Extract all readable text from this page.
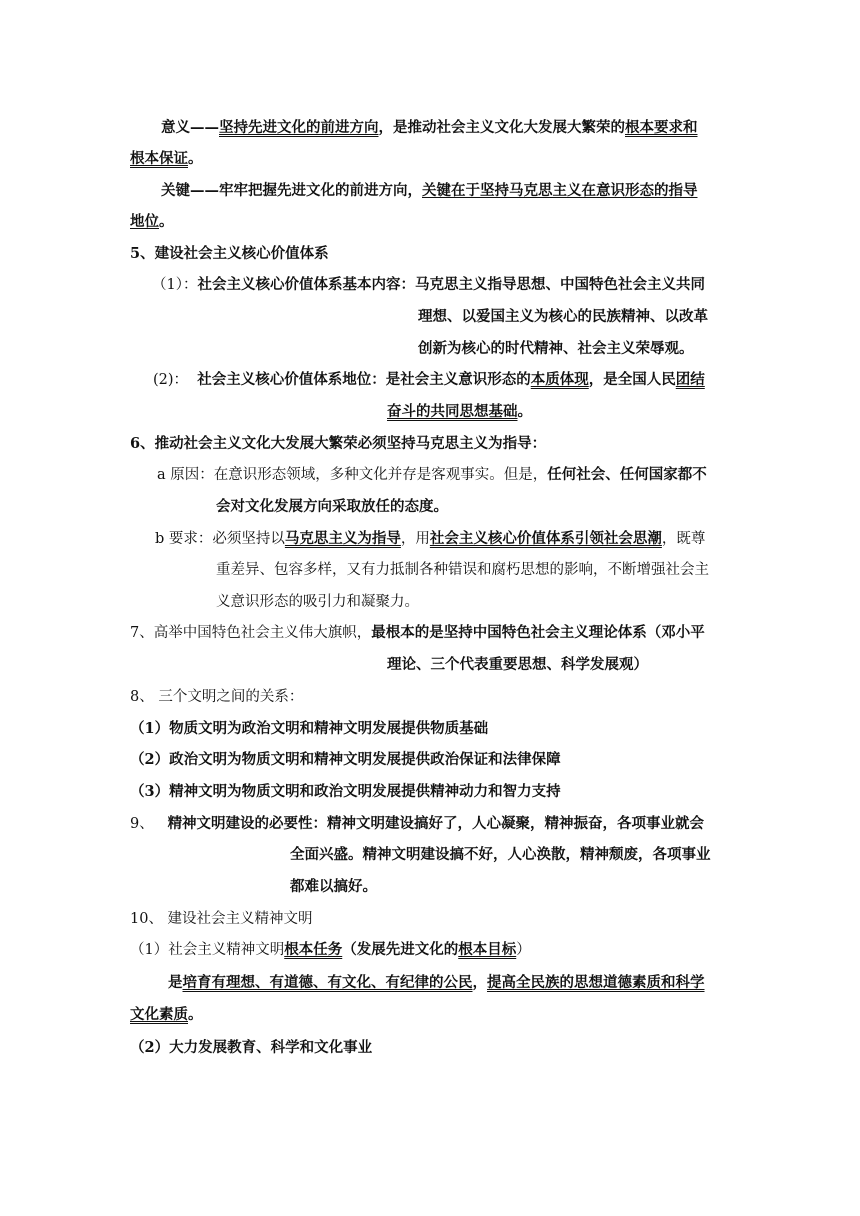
意义——坚持先进文化的前进方向，是推动社会主义文化大发展大繁荣的根本要求和
根本保证。
关键——牢牢把握先进文化的前进方向，关键在于坚持马克思主义在意识形态的指导
地位。
5、建设社会主义核心价值体系
（1）：社会主义核心价值体系基本内容：马克思主义指导思想、中国特色社会主义共同
理想、以爱国主义为核心的民族精神、以改革
创新为核心的时代精神、社会主义荣辱观。
(2)： 社会主义核心价值体系地位：是社会主义意识形态的本质体现，是全国人民团结
奋斗的共同思想基础。
6、推动社会主义文化大发展大繁荣必须坚持马克思主义为指导：
a 原因：在意识形态领域，多种文化并存是客观事实。但是，任何社会、任何国家都不
会对文化发展方向采取放任的态度。
b 要求：必须坚持以马克思主义为指导，用社会主义核心价值体系引领社会思潮，既尊
重差异、包容多样，又有力抵制各种错误和腐朽思想的影响，不断增强社会主
义意识形态的吸引力和凝聚力。
7、高举中国特色社会主义伟大旗帜，最根本的是坚持中国特色社会主义理论体系（邓小平
理论、三个代表重要思想、科学发展观）
8、 三个文明之间的关系：
（1）物质文明为政治文明和精神文明发展提供物质基础
（2）政治文明为物质文明和精神文明发展提供政治保证和法律保障
（3）精神文明为物质文明和政治文明发展提供精神动力和智力支持
9、   精神文明建设的必要性：精神文明建设搞好了，人心凝聚，精神振奋，各项事业就会
全面兴盛。精神文明建设搞不好，人心涣散，精神颓废，各项事业
都难以搞好。
10、 建设社会主义精神文明
（1）社会主义精神文明根本任务（发展先进文化的根本目标）
是培育有理想、有道德、有文化、有纪律的公民，提高全民族的思想道德素质和科学
文化素质。
（2）大力发展教育、科学和文化事业
